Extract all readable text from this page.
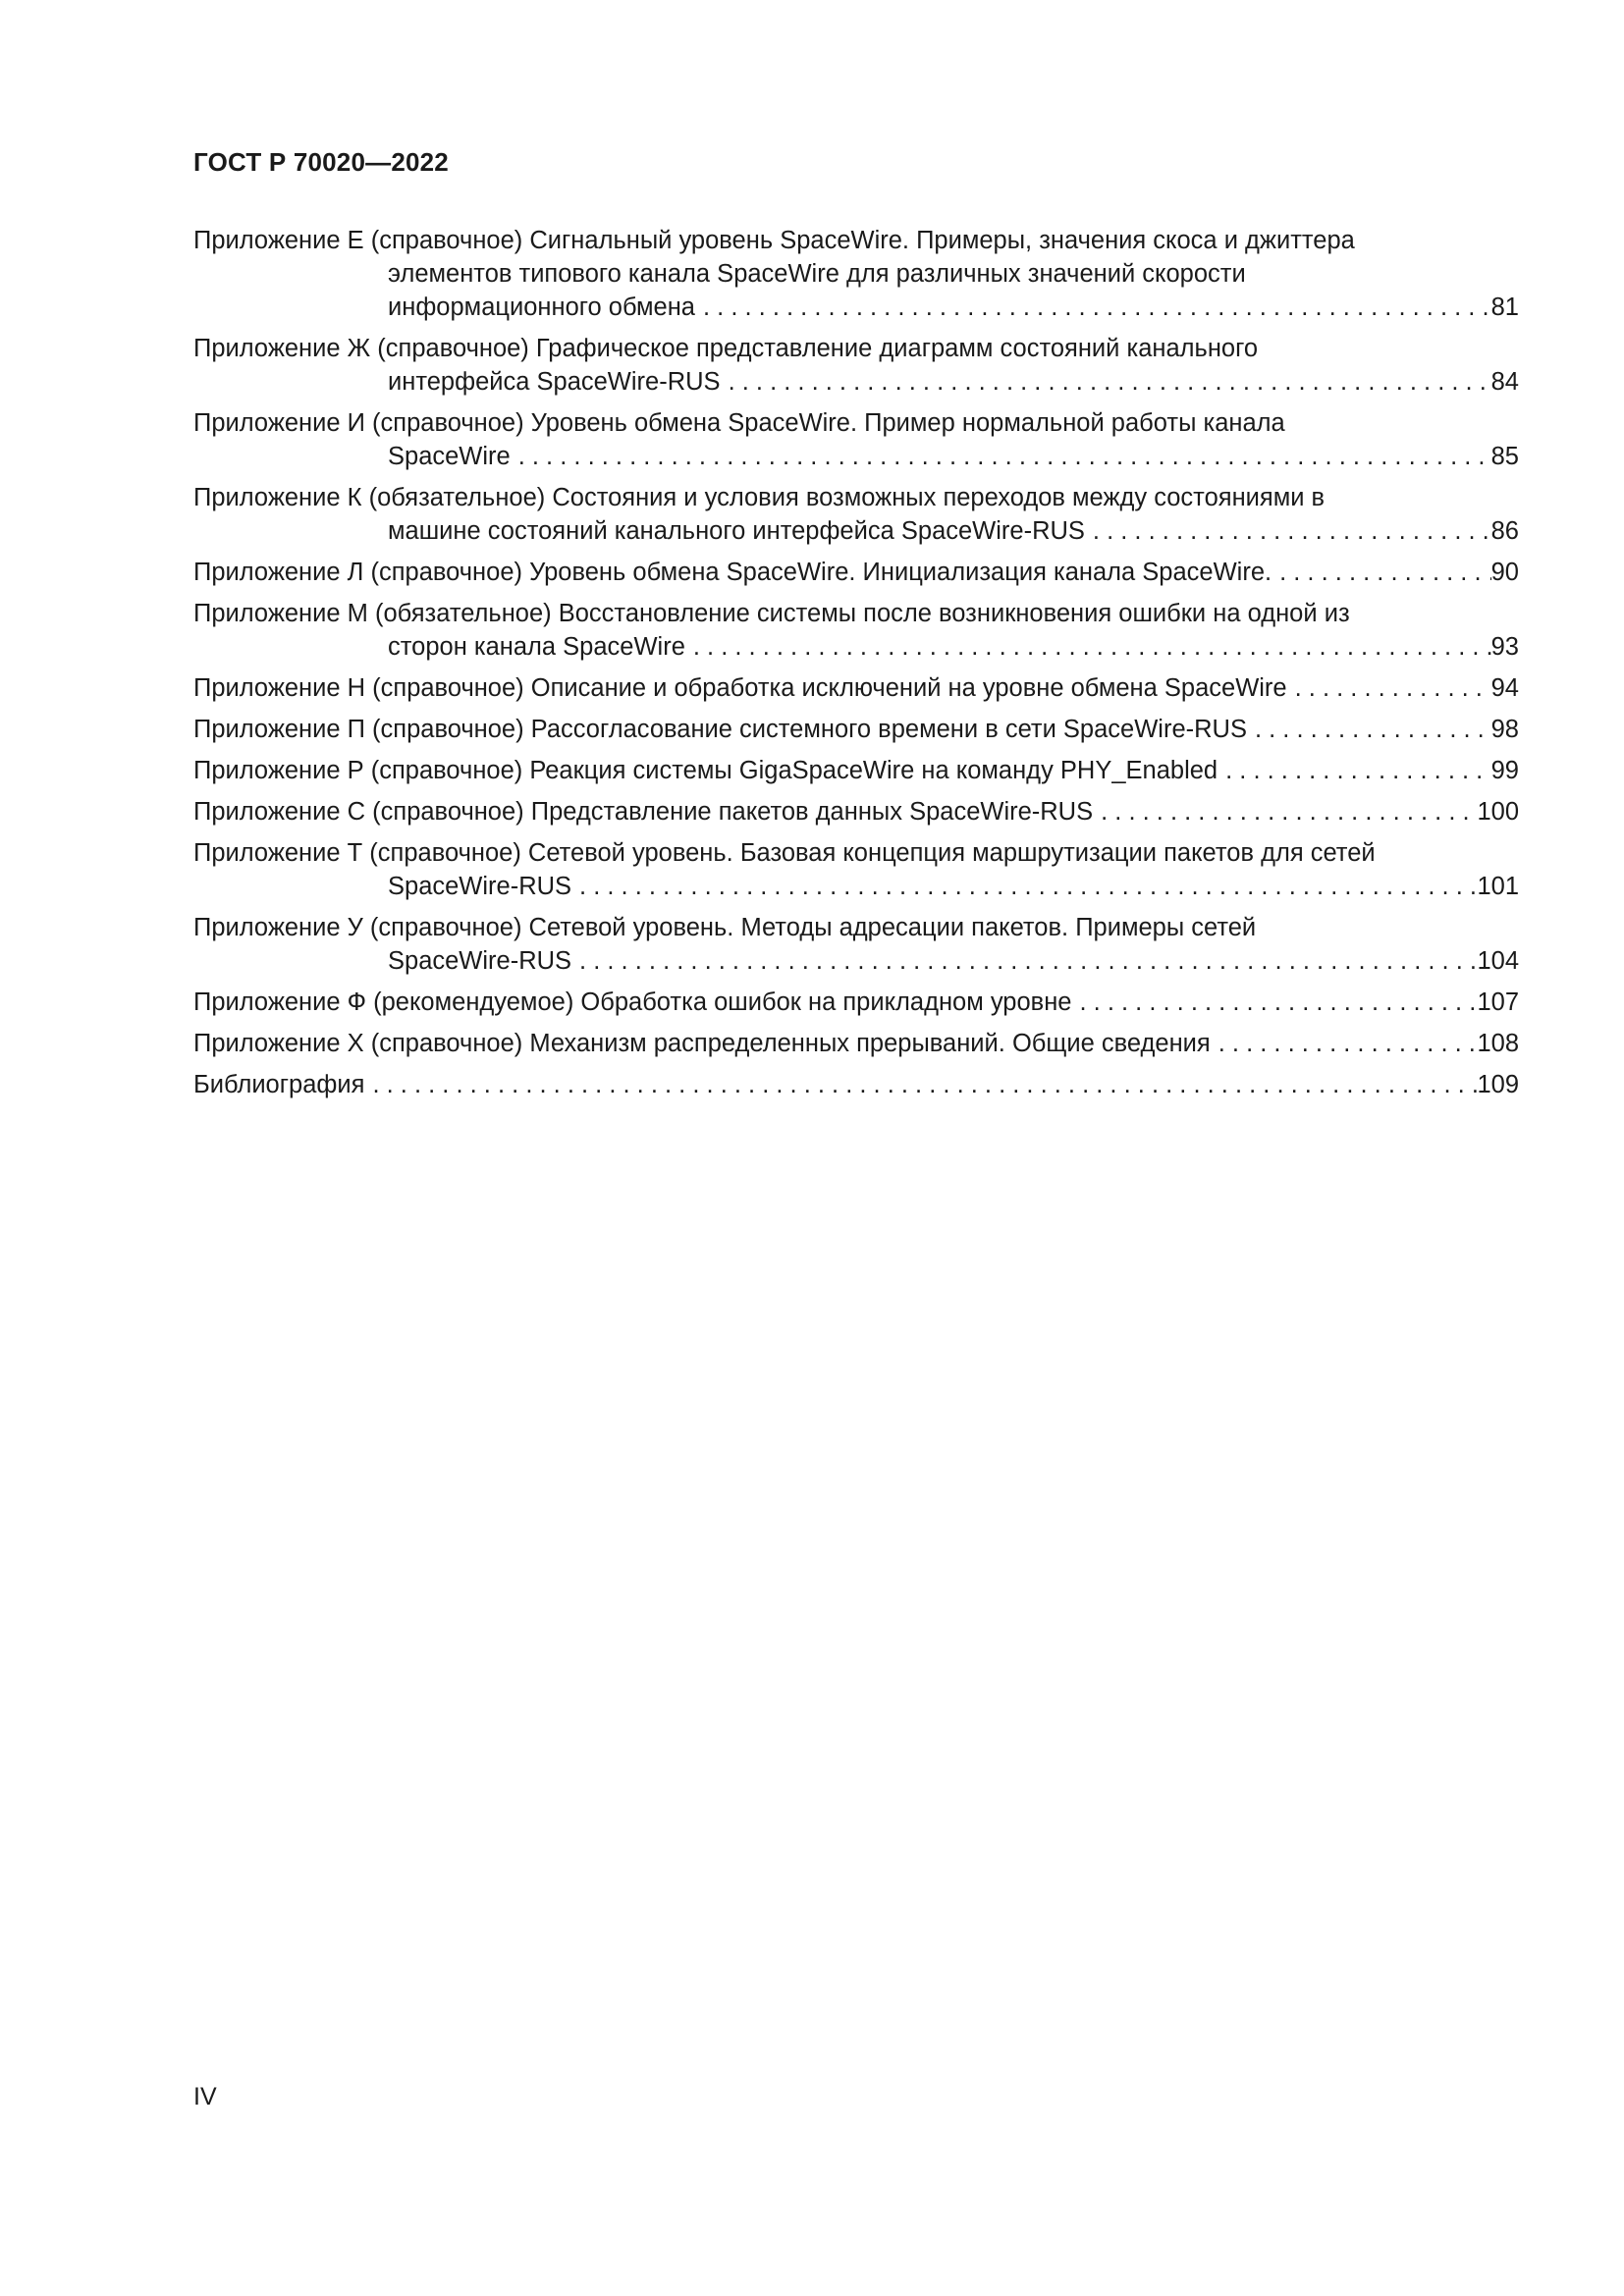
ГОСТ Р 70020—2022
Приложение Е (справочное) Сигнальный уровень SpaceWire. Примеры, значения скоса и джиттера
элементов типового канала SpaceWire для различных значений скорости
информационного обмена . . .	81
Приложение Ж (справочное) Графическое представление диаграмм состояний канального
интерфейса SpaceWire-RUS . . .	84
Приложение И (справочное) Уровень обмена SpaceWire. Пример нормальной работы канала
SpaceWire . . .	85
Приложение К (обязательное) Состояния и условия возможных переходов между состояниями в
машине состояний канального интерфейса SpaceWire-RUS . . .	86
Приложение Л (справочное) Уровень обмена SpaceWire. Инициализация канала SpaceWire. . . .	90
Приложение М (обязательное) Восстановление системы после возникновения ошибки на одной из
сторон канала SpaceWire . . .	93
Приложение Н (справочное) Описание и обработка исключений на уровне обмена SpaceWire . . .	94
Приложение П (справочное) Рассогласование системного времени в сети SpaceWire-RUS . . .	98
Приложение Р (справочное) Реакция системы GigaSpaceWire на команду PHY_Enabled . . .	99
Приложение С (справочное) Представление пакетов данных SpaceWire-RUS . . .	100
Приложение Т (справочное) Сетевой уровень. Базовая концепция маршрутизации пакетов для сетей
SpaceWire-RUS . . .	101
Приложение У (справочное) Сетевой уровень. Методы адресации пакетов. Примеры сетей
SpaceWire-RUS . . .	104
Приложение Ф (рекомендуемое) Обработка ошибок на прикладном уровне . . .	107
Приложение Х (справочное) Механизм распределенных прерываний. Общие сведения . . .	108
Библиография . . .	109
IV
